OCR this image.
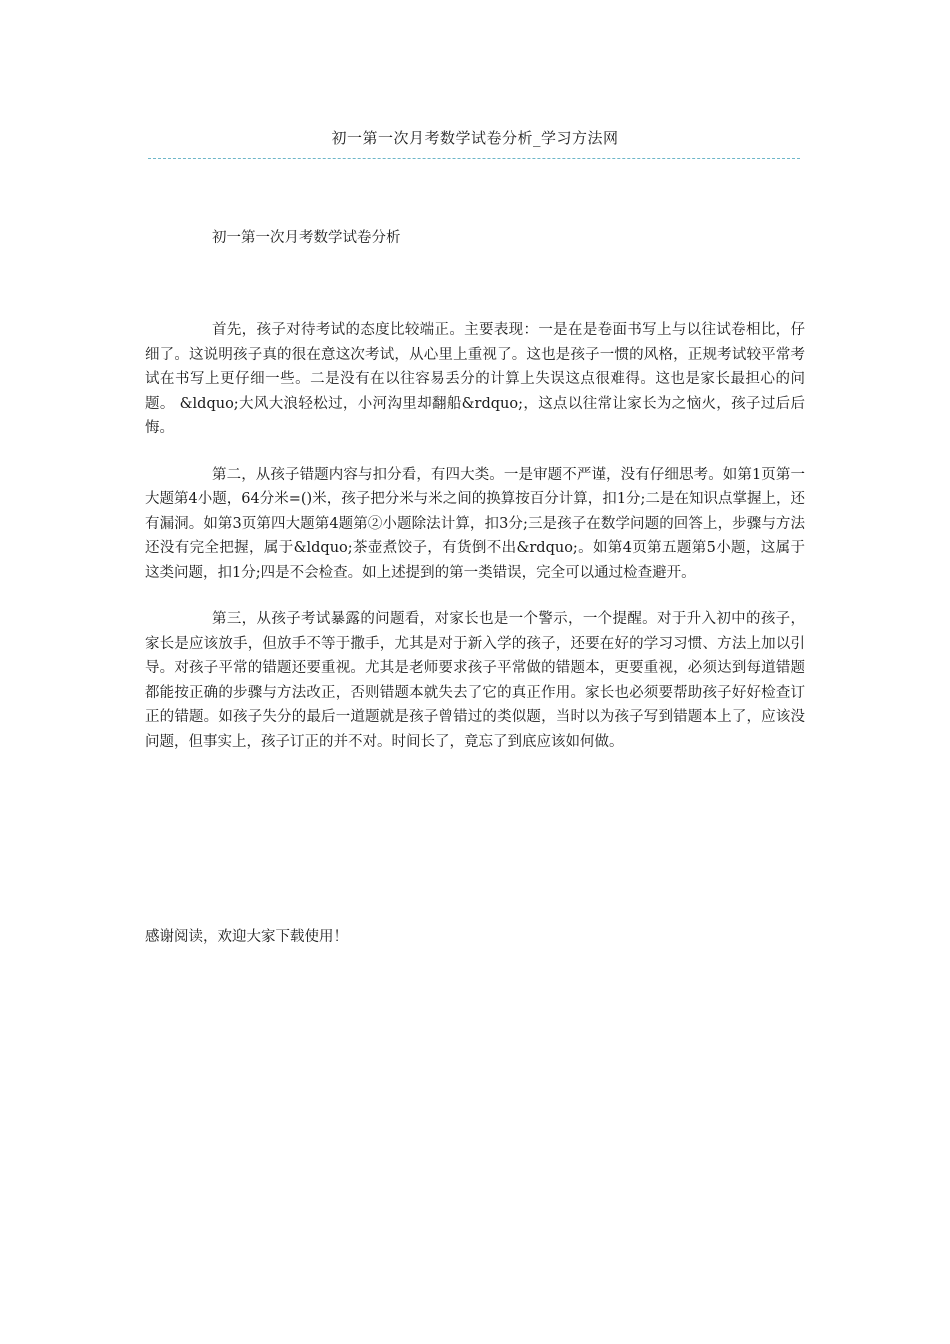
初一第一次月考数学试卷分析_学习方法网
初一第一次月考数学试卷分析

首先，孩子对待考试的态度比较端正。主要表现：一是在是卷面书写上与以往试卷相比，仔细了。这说明孩子真的很在意这次考试，从心里上重视了。这也是孩子一惯的风格，正规考试较平常考试在书写上更仔细一些。二是没有在以往容易丢分的计算上失误这点很难得。这也是家长最担心的问题。 &ldquo;大风大浪轻松过，小河沟里却翻船&rdquo;，这点以往常让家长为之恼火，孩子过后后悔。

第二，从孩子错题内容与扣分看，有四大类。一是审题不严谨，没有仔细思考。如第1页第一大题第4小题，64分米=()米，孩子把分米与米之间的换算按百分计算，扣1分;二是在知识点掌握上，还有漏洞。如第3页第四大题第4题第②小题除法计算，扣3分;三是孩子在数学问题的回答上，步骤与方法还没有完全把握，属于&ldquo;茶壶煮饺子，有货倒不出&rdquo;。如第4页第五题第5小题，这属于这类问题，扣1分;四是不会检查。如上述提到的第一类错误，完全可以通过检查避开。

第三，从孩子考试暴露的问题看，对家长也是一个警示，一个提醒。对于升入初中的孩子，家长是应该放手，但放手不等于撒手，尤其是对于新入学的孩子，还要在好的学习习惯、方法上加以引导。对孩子平常的错题还要重视。尤其是老师要求孩子平常做的错题本，更要重视，必须达到每道错题都能按正确的步骤与方法改正，否则错题本就失去了它的真正作用。家长也必须要帮助孩子好好检查订正的错题。如孩子失分的最后一道题就是孩子曾错过的类似题，当时以为孩子写到错题本上了，应该没问题，但事实上，孩子订正的并不对。时间长了，竟忘了到底应该如何做。

感谢阅读，欢迎大家下载使用！
